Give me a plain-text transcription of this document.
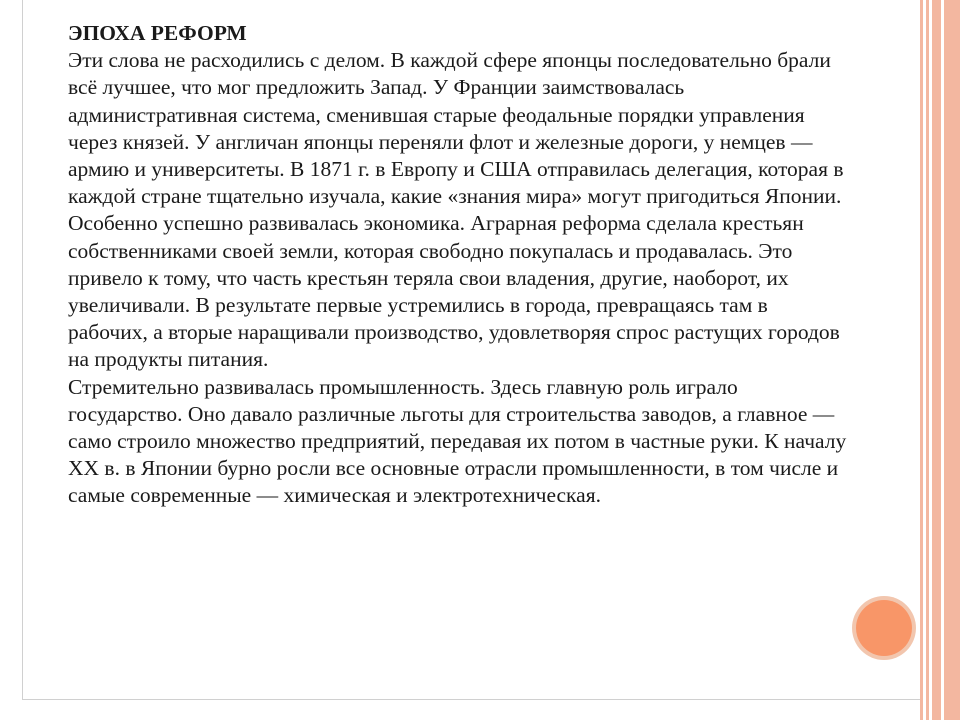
ЭПОХА РЕФОРМ

Эти слова не расходились с делом. В каждой сфере японцы последовательно брали всё лучшее, что мог предложить Запад. У Франции заимствовалась административная система, сменившая старые феодальные порядки управления через князей. У англичан японцы переняли флот и железные дороги, у немцев — армию и университеты. В 1871 г. в Европу и США отправилась делегация, которая в каждой стране тщательно изучала, какие «знания мира» могут пригодиться Японии.

Особенно успешно развивалась экономика. Аграрная реформа сделала крестьян собственниками своей земли, которая свободно покупалась и продавалась. Это привело к тому, что часть крестьян теряла свои владения, другие, наоборот, их увеличивали. В результате первые устремились в города, превращаясь там в рабочих, а вторые наращивали производство, удовлетворяя спрос растущих городов на продукты питания.

Стремительно развивалась промышленность. Здесь главную роль играло государство. Оно давало различные льготы для строительства заводов, а главное — само строило множество предприятий, передавая их потом в частные руки. К началу XX в. в Японии бурно росли все основные отрасли промышленности, в том числе и самые современные — химическая и электротехническая.
